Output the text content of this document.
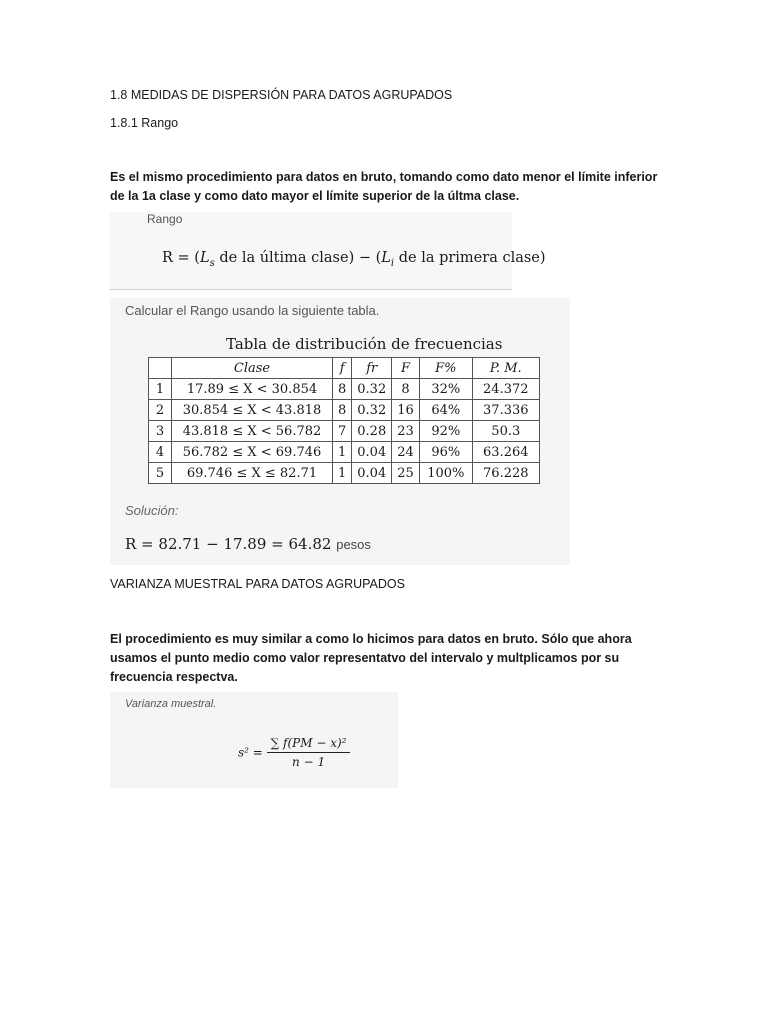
1.8 MEDIDAS DE DISPERSIÓN PARA DATOS AGRUPADOS
1.8.1 Rango
Es el mismo procedimiento para datos en bruto, tomando como dato menor el límite inferior
de la 1a clase y como dato mayor el límite superior de la últma clase.
Rango
$R = (L_s$ de la última clase) − ($L_i$ de la primera clase)
Calcular el Rango usando la siguiente tabla.
Tabla de distribución de frecuencias
	Clase	f	fr	F	F%	P. M.
1	17.89 ≤ X < 30.854	8	0.32	8	32%	24.372
2	30.854 ≤ X < 43.818	8	0.32	16	64%	37.336
3	43.818 ≤ X < 56.782	7	0.28	23	92%	50.3
4	56.782 ≤ X < 69.746	1	0.04	24	96%	63.264
5	69.746 ≤ X ≤ 82.71	1	0.04	25	100%	76.228
Solución:
R = 82.71 − 17.89 = 64.82 pesos
VARIANZA MUESTRAL PARA DATOS AGRUPADOS
El procedimiento es muy similar a como lo hicimos para datos en bruto. Sólo que ahora
usamos el punto medio como valor representatvo del intervalo y multplicamos por su
frecuencia respectva.
Varianza muestral.
$s^2 = \frac{\text{∑ f(PM − x)²}}{n - 1}$
